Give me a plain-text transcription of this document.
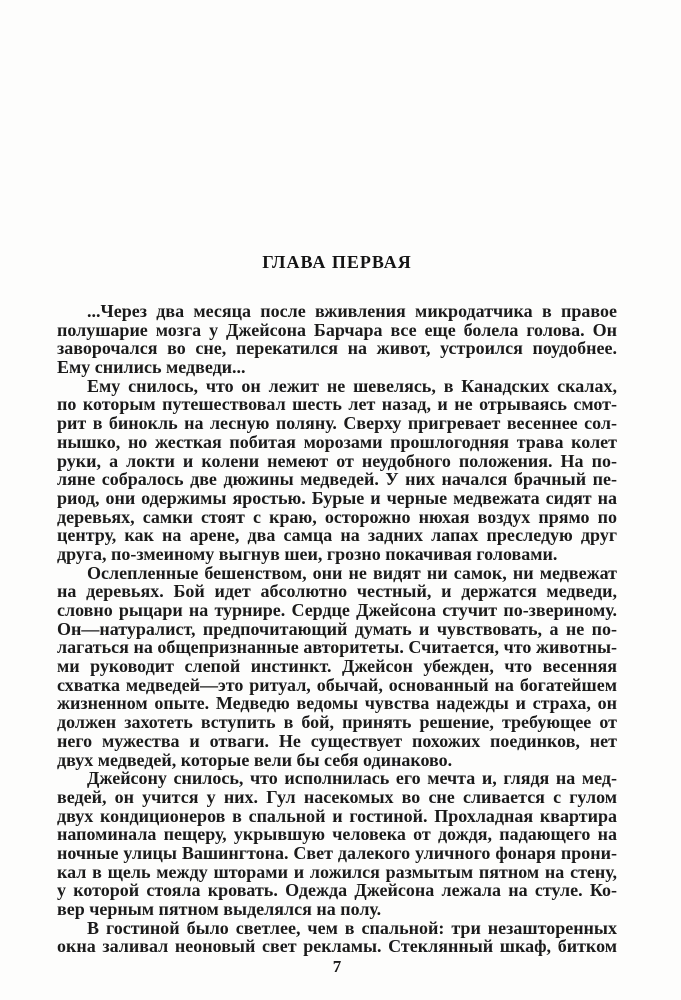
ГЛАВА ПЕРВАЯ
...Через два месяца после вживления микродатчика в правое
полушарие мозга у Джейсона Барчара все еще болела голова. Он
заворочался во сне, перекатился на живот, устроился поудобнее.
Ему снились медведи...
Ему снилось, что он лежит не шевелясь, в Канадских скалах,
по которым путешествовал шесть лет назад, и не отрываясь смот-
рит в бинокль на лесную поляну. Сверху пригревает весеннее сол-
нышко, но жесткая побитая морозами прошлогодняя трава колет
руки, а локти и колени немеют от неудобного положения. На по-
ляне собралось две дюжины медведей. У них начался брачный пе-
риод, они одержимы яростью. Бурые и черные медвежата сидят на
деревьях, самки стоят с краю, осторожно нюхая воздух прямо по
центру, как на арене, два самца на задних лапах преследую друг
друга, по-змеиному выгнув шеи, грозно покачивая головами.
Ослепленные бешенством, они не видят ни самок, ни медвежат
на деревьях. Бой идет абсолютно честный, и держатся медведи,
словно рыцари на турнире. Сердце Джейсона стучит по-звериному.
Он—натуралист, предпочитающий думать и чувствовать, а не по-
лагаться на общепризнанные авторитеты. Считается, что животны-
ми руководит слепой инстинкт. Джейсон убежден, что весенняя
схватка медведей—это ритуал, обычай, основанный на богатейшем
жизненном опыте. Медведю ведомы чувства надежды и страха, он
должен захотеть вступить в бой, принять решение, требующее от
него мужества и отваги. Не существует похожих поединков, нет
двух медведей, которые вели бы себя одинаково.
Джейсону снилось, что исполнилась его мечта и, глядя на мед-
ведей, он учится у них. Гул насекомых во сне сливается с гулом
двух кондиционеров в спальной и гостиной. Прохладная квартира
напоминала пещеру, укрывшую человека от дождя, падающего на
ночные улицы Вашингтона. Свет далекого уличного фонаря прони-
кал в щель между шторами и ложился размытым пятном на стену,
у которой стояла кровать. Одежда Джейсона лежала на стуле. Ко-
вер черным пятном выделялся на полу.
В гостиной было светлее, чем в спальной: три незашторенных
окна заливал неоновый свет рекламы. Стеклянный шкаф, битком
7
